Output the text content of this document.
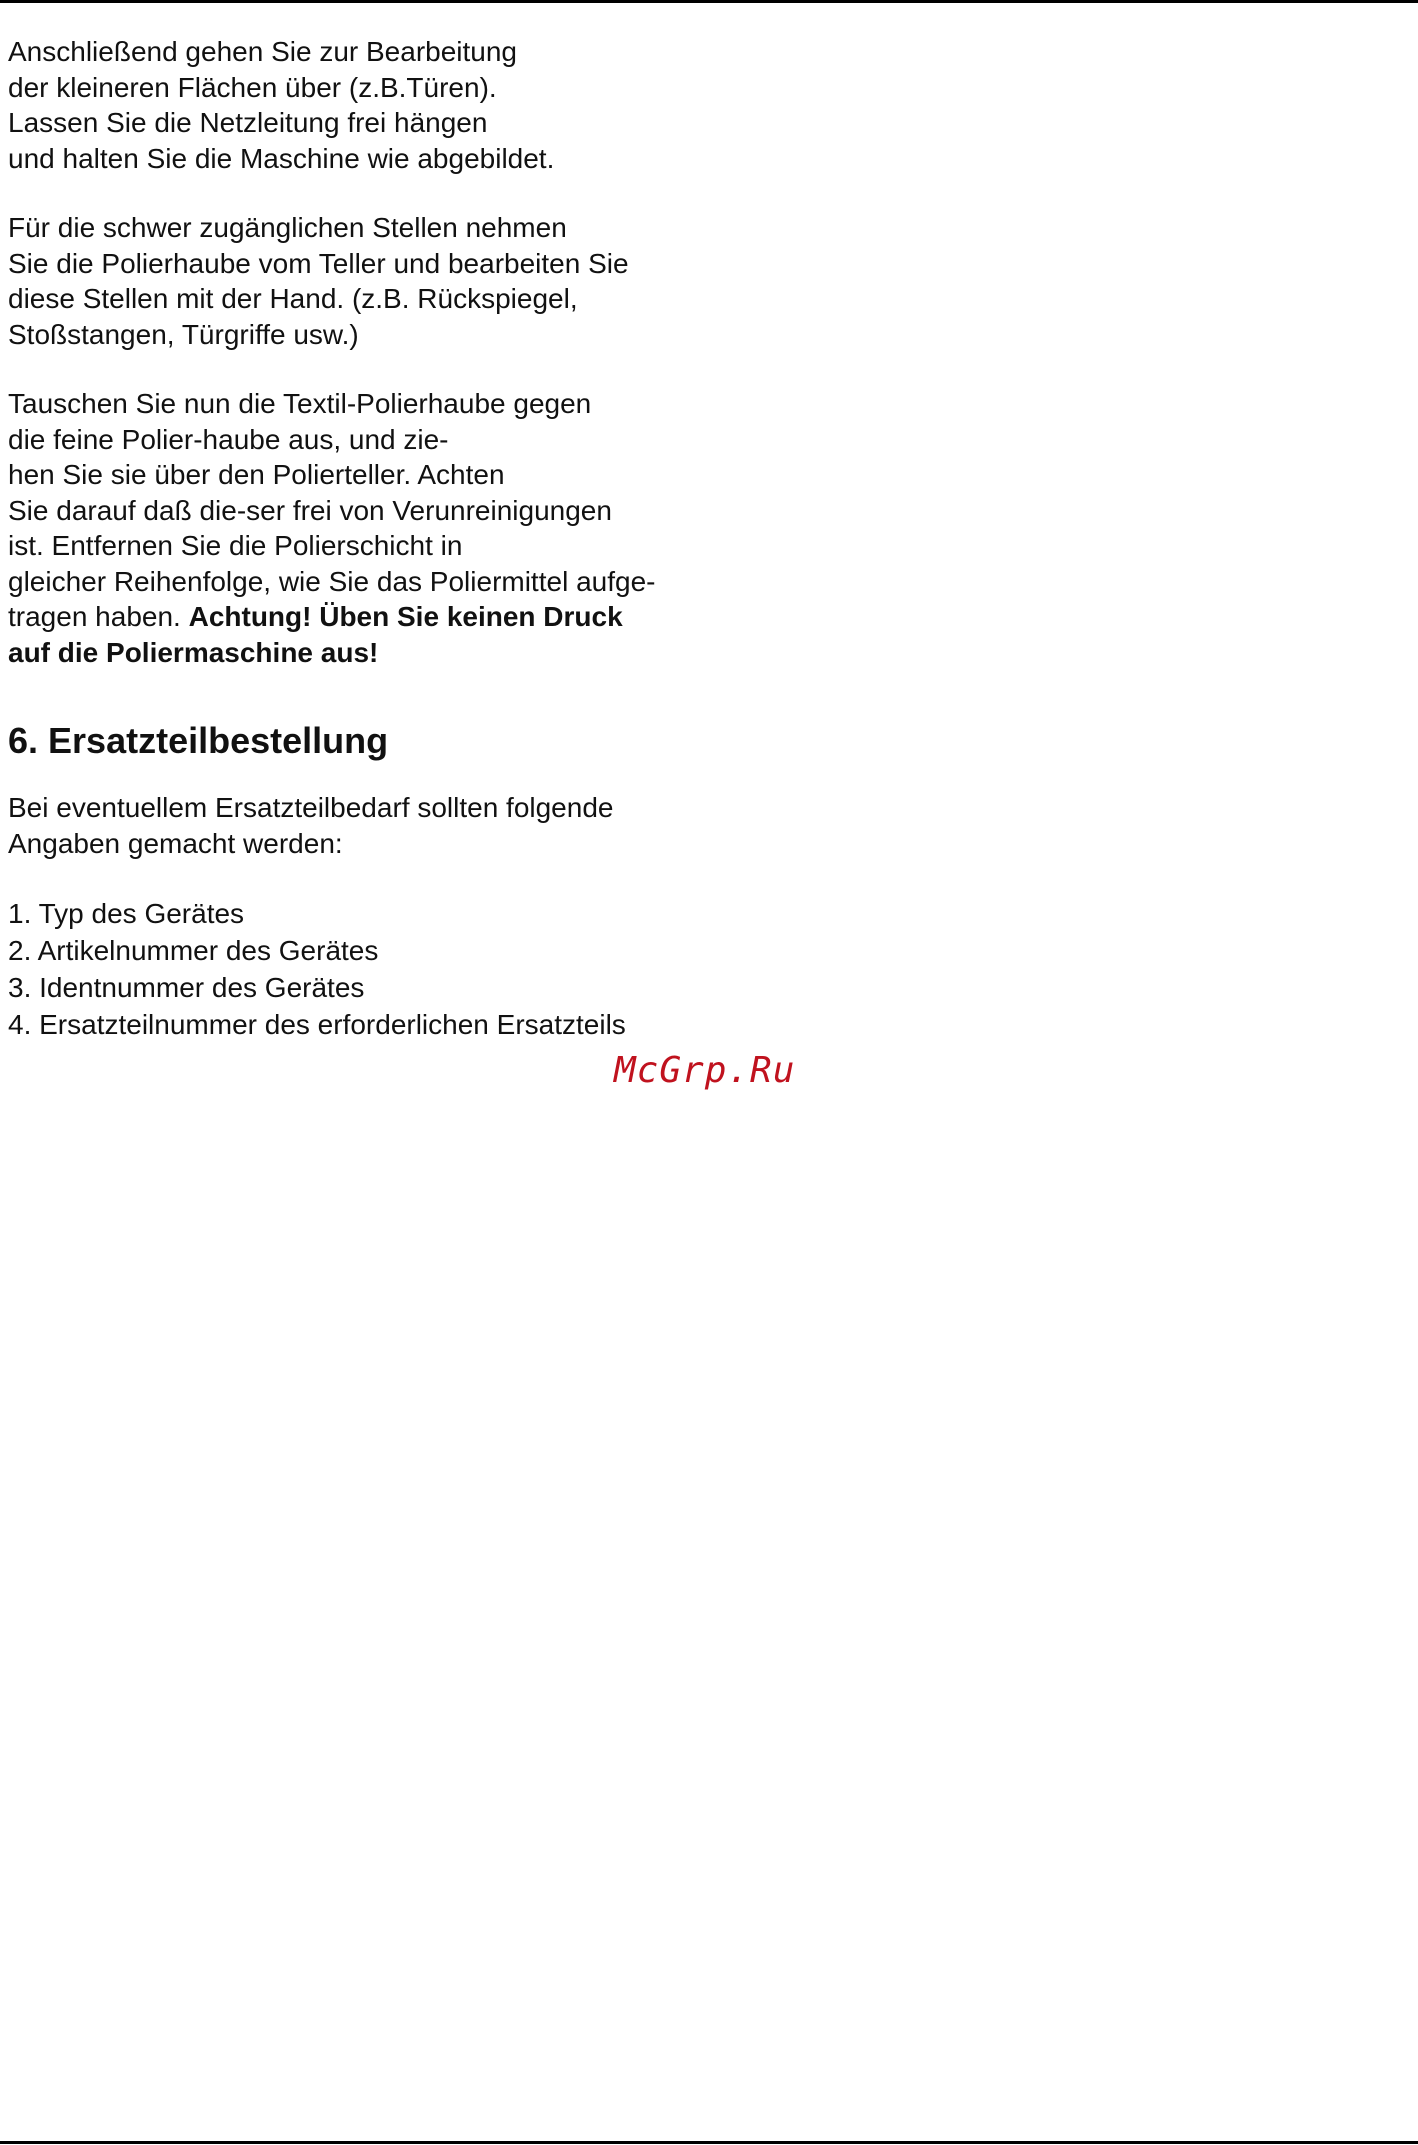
Anschließend gehen Sie zur Bearbeitung
der kleineren Flächen über (z.B.Türen).
Lassen Sie die Netzleitung frei hängen
und halten Sie die Maschine wie abgebildet.
Für die schwer zugänglichen Stellen nehmen
Sie die Polierhaube vom Teller und bearbeiten Sie
diese Stellen mit der Hand. (z.B. Rückspiegel,
Stoßstangen, Türgriffe usw.)
Tauschen Sie nun die Textil-Polierhaube gegen
die feine Polier-haube aus, und zie-
hen Sie sie über den Polierteller. Achten
Sie darauf daß die-ser frei von Verunreinigungen
ist. Entfernen Sie die Polierschicht in
gleicher Reihenfolge, wie Sie das Poliermittel aufge-
tragen haben. Achtung! Üben Sie keinen Druck
auf die Poliermaschine aus!
6. Ersatzteilbestellung
Bei eventuellem Ersatzteilbedarf sollten folgende
Angaben gemacht werden:
1. Typ des Gerätes
2. Artikelnummer des Gerätes
3. Identnummer des Gerätes
4. Ersatzteilnummer des erforderlichen Ersatzteils
McGrp.Ru
